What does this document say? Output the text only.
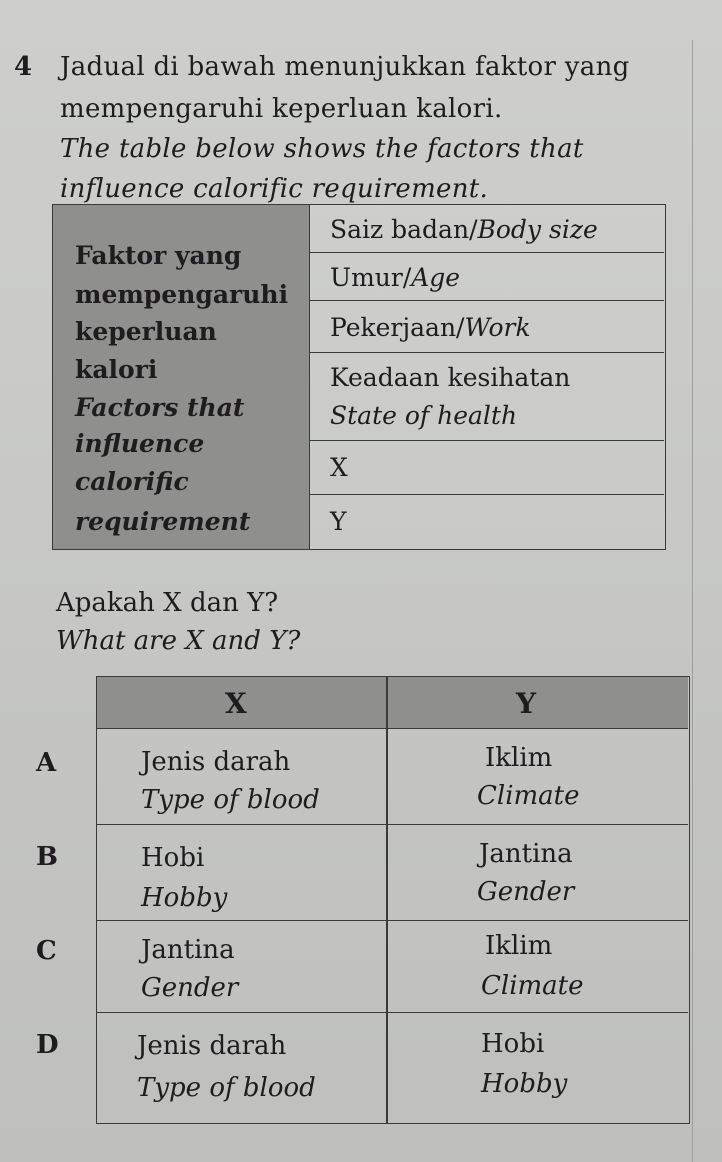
4 Jadual di bawah menunjukkan faktor yang
mempengaruhi keperluan kalori.
The table below shows the factors that
influence calorific requirement.
Faktor yang
mempengaruhi
keperluan
kalori
Factors that
influence
calorific
requirement
Saiz badan/Body size
Umur/Age
Pekerjaan/Work
Keadaan kesihatan
State of health
X
Y
Apakah X dan Y?
What are X and Y?
A
B
C
D
X	Y
Jenis darah
Type of blood
Iklim
Climate
Hobi
Hobby
Jantina
Gender
Jantina
Gender
Iklim
Climate
Jenis darah
Type of blood
Hobi
Hobby
